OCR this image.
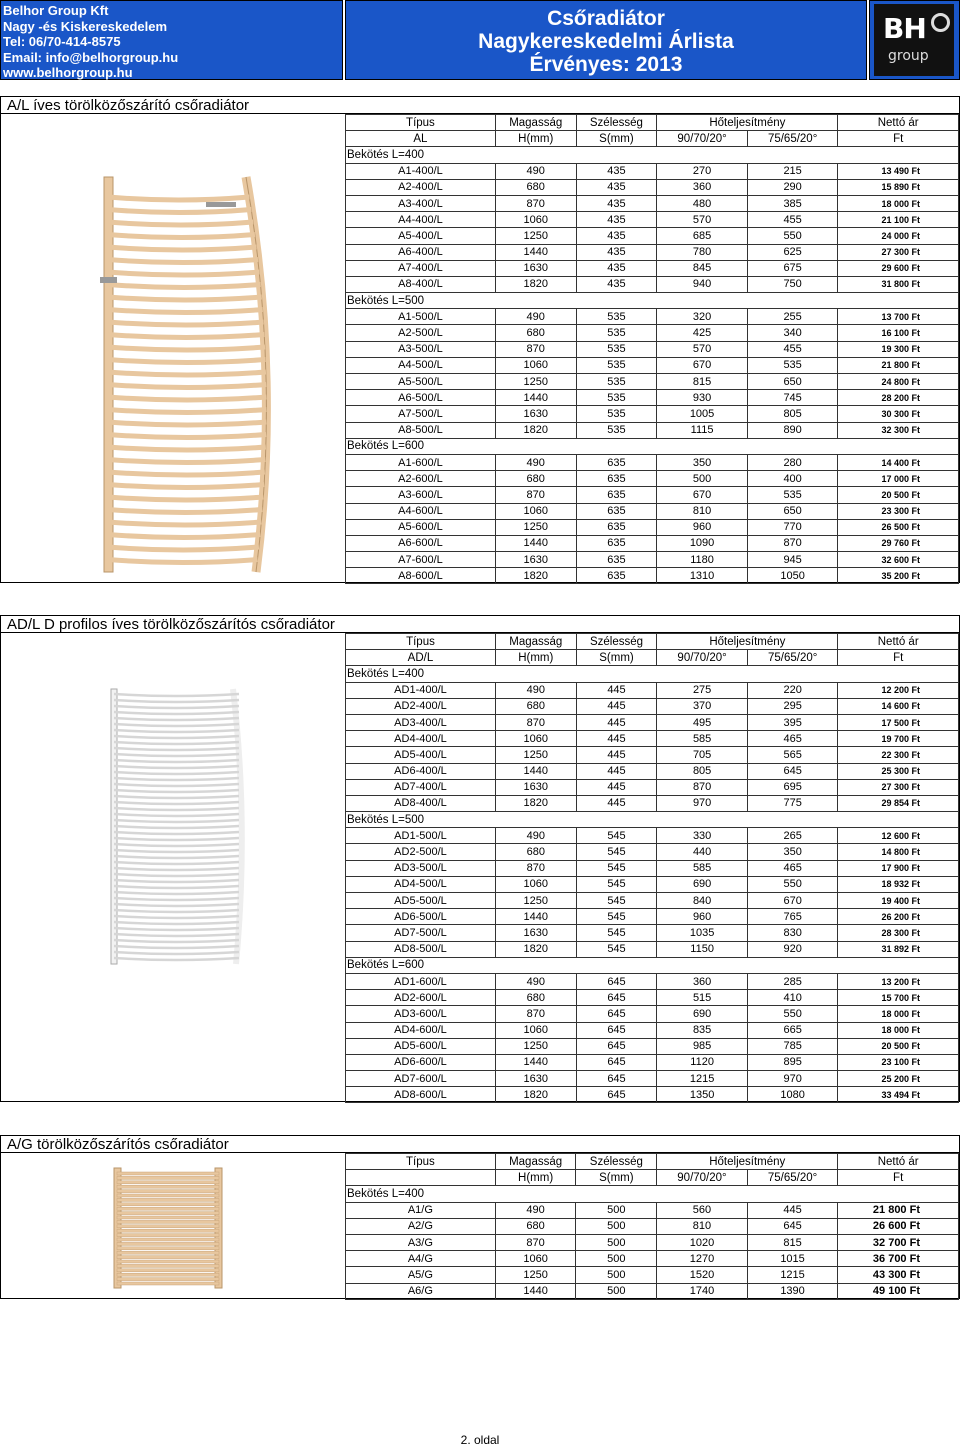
Belhor Group Kft
Nagy -és Kiskereskedelem
Tel: 06/70-414-8575
Email: info@belhorgroup.hu
www.belhorgroup.hu
Csőradiátor
Nagykereskedelmi Árlista
Érvényes: 2013
BH
group
A/L íves törölközőszárító csőradiátor
Típus	Magasság	Szélesség	Hőteljesítmény		Nettó ár
AL	H(mm)	S(mm)	90/70/20°	75/65/20°	Ft
Bekötés L=400					
A1-400/L	490	435	270	215	13 490 Ft
A2-400/L	680	435	360	290	15 890 Ft
A3-400/L	870	435	480	385	18 000 Ft
A4-400/L	1060	435	570	455	21 100 Ft
A5-400/L	1250	435	685	550	24 000 Ft
A6-400/L	1440	435	780	625	27 300 Ft
A7-400/L	1630	435	845	675	29 600 Ft
A8-400/L	1820	435	940	750	31 800 Ft
Bekötés L=500					
A1-500/L	490	535	320	255	13 700 Ft
A2-500/L	680	535	425	340	16 100 Ft
A3-500/L	870	535	570	455	19 300 Ft
A4-500/L	1060	535	670	535	21 800 Ft
A5-500/L	1250	535	815	650	24 800 Ft
A6-500/L	1440	535	930	745	28 200 Ft
A7-500/L	1630	535	1005	805	30 300 Ft
A8-500/L	1820	535	1115	890	32 300 Ft
Bekötés L=600					
A1-600/L	490	635	350	280	14 400 Ft
A2-600/L	680	635	500	400	17 000 Ft
A3-600/L	870	635	670	535	20 500 Ft
A4-600/L	1060	635	810	650	23 300 Ft
A5-600/L	1250	635	960	770	26 500 Ft
A6-600/L	1440	635	1090	870	29 760 Ft
A7-600/L	1630	635	1180	945	32 600 Ft
A8-600/L	1820	635	1310	1050	35 200 Ft
AD/L D profilos íves törölközőszárítós csőradiátor
Típus	Magasság	Szélesség	Hőteljesítmény		Nettó ár
AD/L	H(mm)	S(mm)	90/70/20°	75/65/20°	Ft
Bekötés L=400					
AD1-400/L	490	445	275	220	12 200 Ft
AD2-400/L	680	445	370	295	14 600 Ft
AD3-400/L	870	445	495	395	17 500 Ft
AD4-400/L	1060	445	585	465	19 700 Ft
AD5-400/L	1250	445	705	565	22 300 Ft
AD6-400/L	1440	445	805	645	25 300 Ft
AD7-400/L	1630	445	870	695	27 300 Ft
AD8-400/L	1820	445	970	775	29 854 Ft
Bekötés L=500					
AD1-500/L	490	545	330	265	12 600 Ft
AD2-500/L	680	545	440	350	14 800 Ft
AD3-500/L	870	545	585	465	17 900 Ft
AD4-500/L	1060	545	690	550	18 932 Ft
AD5-500/L	1250	545	840	670	19 400 Ft
AD6-500/L	1440	545	960	765	26 200 Ft
AD7-500/L	1630	545	1035	830	28 300 Ft
AD8-500/L	1820	545	1150	920	31 892 Ft
Bekötés L=600					
AD1-600/L	490	645	360	285	13 200 Ft
AD2-600/L	680	645	515	410	15 700 Ft
AD3-600/L	870	645	690	550	18 000 Ft
AD4-600/L	1060	645	835	665	18 000 Ft
AD5-600/L	1250	645	985	785	20 500 Ft
AD6-600/L	1440	645	1120	895	23 100 Ft
AD7-600/L	1630	645	1215	970	25 200 Ft
AD8-600/L	1820	645	1350	1080	33 494 Ft
A/G törölközőszárítós csőradiátor
Típus	Magasság	Szélesség	Hőteljesítmény		Nettó ár
	H(mm)	S(mm)	90/70/20°	75/65/20°	Ft
Bekötés L=400					
A1/G	490	500	560	445	21 800 Ft
A2/G	680	500	810	645	26 600 Ft
A3/G	870	500	1020	815	32 700 Ft
A4/G	1060	500	1270	1015	36 700 Ft
A5/G	1250	500	1520	1215	43 300 Ft
A6/G	1440	500	1740	1390	49 100 Ft
2. oldal
